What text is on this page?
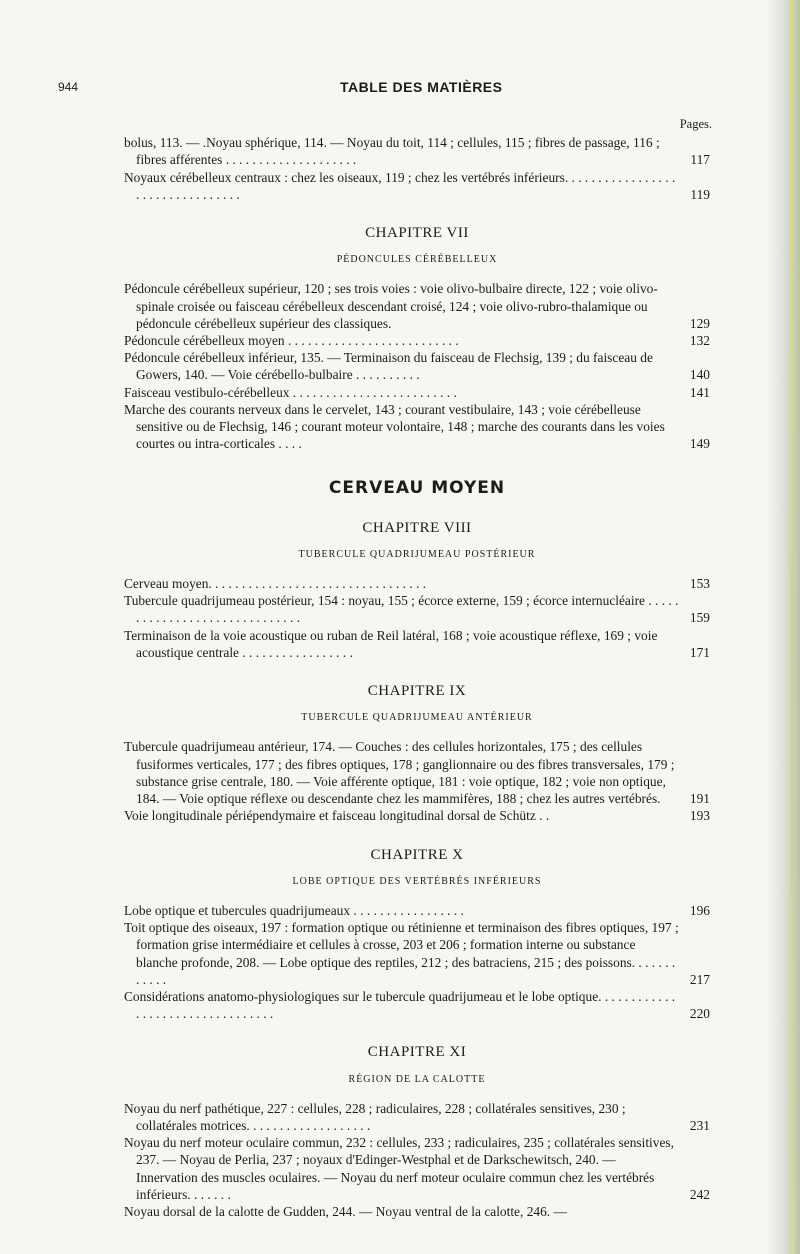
944	TABLE DES MATIÈRES
Pages.
bolus, 113. — .Noyau sphérique, 114. — Noyau du toit, 114 ; cellules, 115 ; fibres de passage, 116 ; fibres afférentes . . . . . . . . . . . . . . . . . . . .	117
Noyaux cérébelleux centraux : chez les oiseaux, 119 ; chez les vertébrés inférieurs. . . . . . . . . . . . . . . . . . . . . . . . . . . . . . . . .	119
CHAPITRE VII
PÉDONCULES CÉRÉBELLEUX
Pédoncule cérébelleux supérieur, 120 ; ses trois voies : voie olivo-bulbaire directe, 122 ; voie olivo-spinale croisée ou faisceau cérébelleux descendant croisé, 124 ; voie olivo-rubro-thalamique ou pédoncule cérébelleux supérieur des classiques.	129
Pédoncule cérébelleux moyen . . . . . . . . . . . . . . . . . . . . . . . . . .	132
Pédoncule cérébelleux inférieur, 135. — Terminaison du faisceau de Flechsig, 139 ; du faisceau de Gowers, 140. — Voie cérébello-bulbaire . . . . . . . . . .	140
Faisceau vestibulo-cérébelleux . . . . . . . . . . . . . . . . . . . . . . . . .	141
Marche des courants nerveux dans le cervelet, 143 ; courant vestibulaire, 143 ; voie cérébelleuse sensitive ou de Flechsig, 146 ; courant moteur volontaire, 148 ; marche des courants dans les voies courtes ou intra-corticales . . . .	149
CERVEAU MOYEN
CHAPITRE VIII
TUBERCULE QUADRIJUMEAU POSTÉRIEUR
Cerveau moyen. . . . . . . . . . . . . . . . . . . . . . . . . . . . . . . . .	153
Tubercule quadrijumeau postérieur, 154 : noyau, 155 ; écorce externe, 159 ; écorce internucléaire . . . . . . . . . . . . . . . . . . . . . . . . . . . . . .	159
Terminaison de la voie acoustique ou ruban de Reil latéral, 168 ; voie acoustique réflexe, 169 ; voie acoustique centrale . . . . . . . . . . . . . . . . .	171
CHAPITRE IX
TUBERCULE QUADRIJUMEAU ANTÉRIEUR
Tubercule quadrijumeau antérieur, 174. — Couches : des cellules horizontales, 175 ; des cellules fusiformes verticales, 177 ; des fibres optiques, 178 ; ganglionnaire ou des fibres transversales, 179 ; substance grise centrale, 180. — Voie afférente optique, 181 : voie optique, 182 ; voie non optique, 184. — Voie optique réflexe ou descendante chez les mammifères, 188 ; chez les autres vertébrés. 191
Voie longitudinale périépendymaire et faisceau longitudinal dorsal de Schütz . .	193
CHAPITRE X
LOBE OPTIQUE DES VERTÉBRÉS INFÉRIEURS
Lobe optique et tubercules quadrijumeaux . . . . . . . . . . . . . . . . .	196
Toit optique des oiseaux, 197 : formation optique ou rétinienne et terminaison des fibres optiques, 197 ; formation grise intermédiaire et cellules à crosse, 203 et 206 ; formation interne ou substance blanche profonde, 208. — Lobe optique des reptiles, 212 ; des batraciens, 215 ; des poissons. . . . . . . . . . . .	217
Considérations anatomo-physiologiques sur le tubercule quadrijumeau et le lobe optique. . . . . . . . . . . . . . . . . . . . . . . . . . . . . . . . .	220
CHAPITRE XI
RÉGION DE LA CALOTTE
Noyau du nerf pathétique, 227 : cellules, 228 ; radiculaires, 228 ; collatérales sensitives, 230 ; collatérales motrices. . . . . . . . . . . . . . . . . . .	231
Noyau du nerf moteur oculaire commun, 232 : cellules, 233 ; radiculaires, 235 ; collatérales sensitives, 237. — Noyau de Perlia, 237 ; noyaux d'Edinger-Westphal et de Darkschewitsch, 240. — Innervation des muscles oculaires. — Noyau du nerf moteur oculaire commun chez les vertébrés inférieurs. . . . . . .	242
Noyau dorsal de la calotte de Gudden, 244. — Noyau ventral de la calotte, 246. —
